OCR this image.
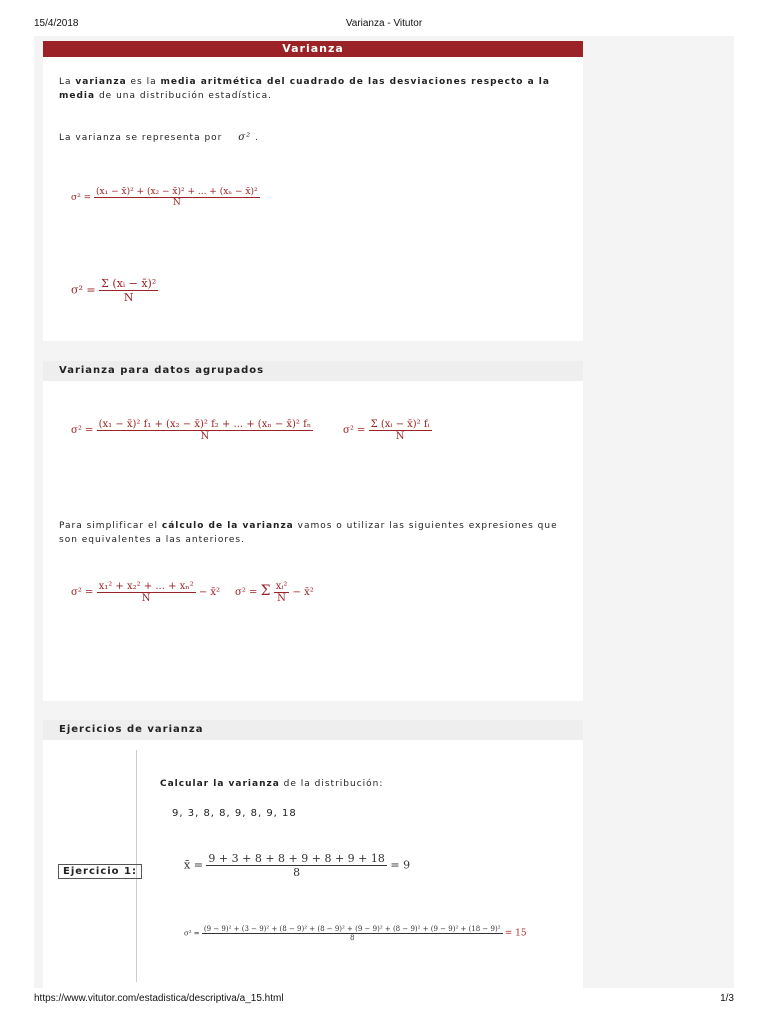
15/4/2018	Varianza - Vitutor
Varianza

La varianza es la media aritmética del cuadrado de las desviaciones respecto a la media de una distribución estadística.

La varianza se representa por σ² .

$\sigma^2 = \frac{\text{(x₁ − x̄)² + (x₂ − x̄)² + ... + (xₙ − x̄)²}}{N}$
$\sigma^2 = \frac{\text{Σ (xᵢ − x̄)²}}{N}$
Varianza para datos agrupados
$\sigma^2 = \frac{\text{(x₁ − x̄)² f₁ + (x₂ − x̄)² f₂ + ... + (xₙ − x̄)² fₙ}}{N}$	$\sigma^2 = \frac{\text{Σ (xᵢ − x̄)² fᵢ}}{N}$

Para simplificar el cálculo de la varianza vamos o utilizar las siguientes expresiones que son equivalentes a las anteriores.

$\sigma^2 = \frac{\text{x₁² + x₂² + ... + xₙ²}}{N}$ − x̄² σ² = Σ $\frac{\text{xᵢ²}}{N}$ − x̄²
Ejercicios de varianza
Ejercicio 1:
Calcular la varianza de la distribución:
9, 3, 8, 8, 9, 8, 9, 18
x̄ = $\frac{9 + 3 + 8 + 8 + 9 + 8 + 9 + 18}{8} = 9$
σ² =
(9 − 9)² + (3 − 9)² + (8 − 9)² + (8 − 9)² + (9 − 9)² + (8 − 9)² + (9 − 9)² + (18 − 9)²
8	= 15
https://www.vitutor.com/estadistica/descriptiva/a_15.html	1/3
